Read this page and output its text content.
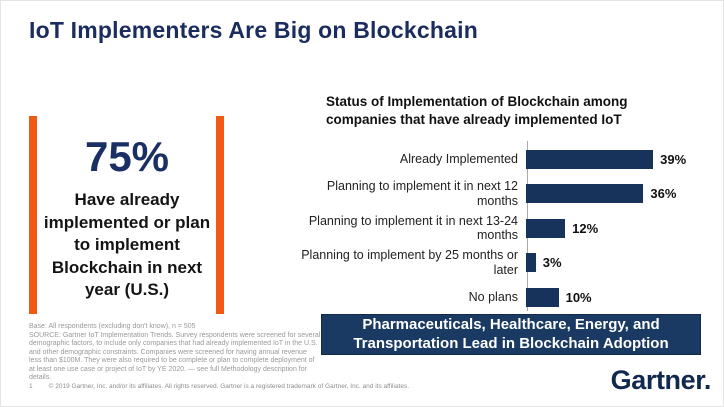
IoT Implementers Are Big on Blockchain
75%
Have already implemented or plan to implement Blockchain in next year (U.S.)
Status of Implementation of Blockchain among companies that have already implemented IoT
Already Implemented	39%
Planning to implement it in next 12 months	36%
Planning to implement it in next 13-24 months	12%
Planning to implement by 25 months or later	3%
No plans	10%
Pharmaceuticals, Healthcare, Energy, and Transportation Lead in Blockchain Adoption
Base: All respondents (excluding don't know), n = 505
SOURCE: Gartner IoT Implementation Trends. Survey respondents were screened for several demographic factors, to include only companies that had already implemented IoT in the U.S. and other demographic constraints. Companies were screened for having annual revenue less than $100M. They were also required to be complete or plan to complete deployment of at least one use case or project of IoT by YE 2020. — see full Methodology description for details.
1 © 2019 Gartner, Inc. and/or its affiliates. All rights reserved. Gartner is a registered trademark of Gartner, Inc. and its affiliates.	Gartner.
